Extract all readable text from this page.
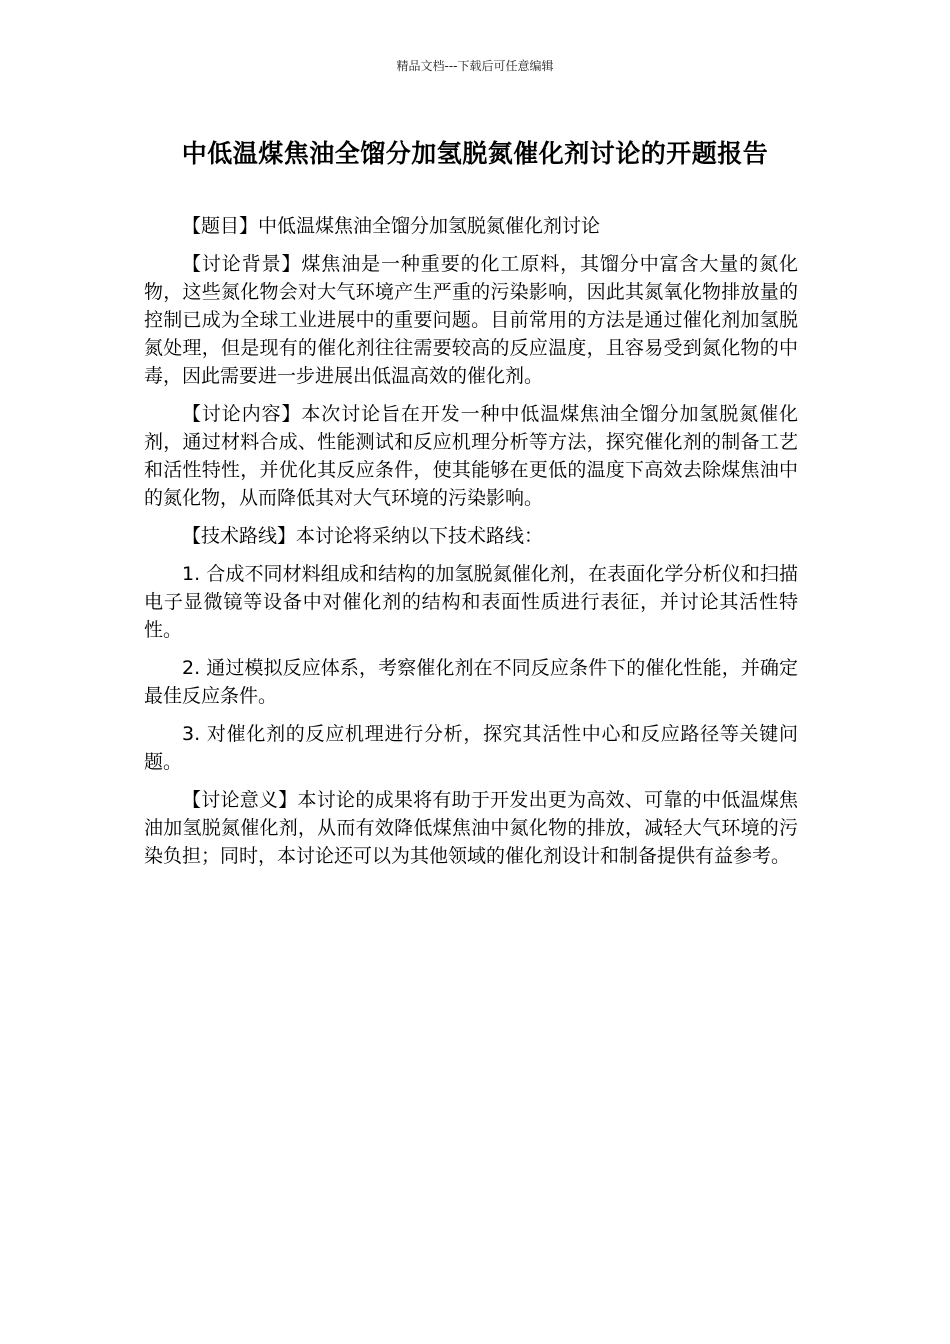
精品文档---下载后可任意编辑
中低温煤焦油全馏分加氢脱氮催化剂讨论的开题报告

【题目】中低温煤焦油全馏分加氢脱氮催化剂讨论

【讨论背景】煤焦油是一种重要的化工原料，其馏分中富含大量的氮化物，这些氮化物会对大气环境产生严重的污染影响，因此其氮氧化物排放量的控制已成为全球工业进展中的重要问题。目前常用的方法是通过催化剂加氢脱氮处理，但是现有的催化剂往往需要较高的反应温度，且容易受到氮化物的中毒，因此需要进一步进展出低温高效的催化剂。

【讨论内容】本次讨论旨在开发一种中低温煤焦油全馏分加氢脱氮催化剂，通过材料合成、性能测试和反应机理分析等方法，探究催化剂的制备工艺和活性特性，并优化其反应条件，使其能够在更低的温度下高效去除煤焦油中的氮化物，从而降低其对大气环境的污染影响。

【技术路线】本讨论将采纳以下技术路线：

1. 合成不同材料组成和结构的加氢脱氮催化剂，在表面化学分析仪和扫描电子显微镜等设备中对催化剂的结构和表面性质进行表征，并讨论其活性特性。

2. 通过模拟反应体系，考察催化剂在不同反应条件下的催化性能，并确定最佳反应条件。

3. 对催化剂的反应机理进行分析，探究其活性中心和反应路径等关键问题。

【讨论意义】本讨论的成果将有助于开发出更为高效、可靠的中低温煤焦油加氢脱氮催化剂，从而有效降低煤焦油中氮化物的排放，减轻大气环境的污染负担；同时，本讨论还可以为其他领域的催化剂设计和制备提供有益参考。
